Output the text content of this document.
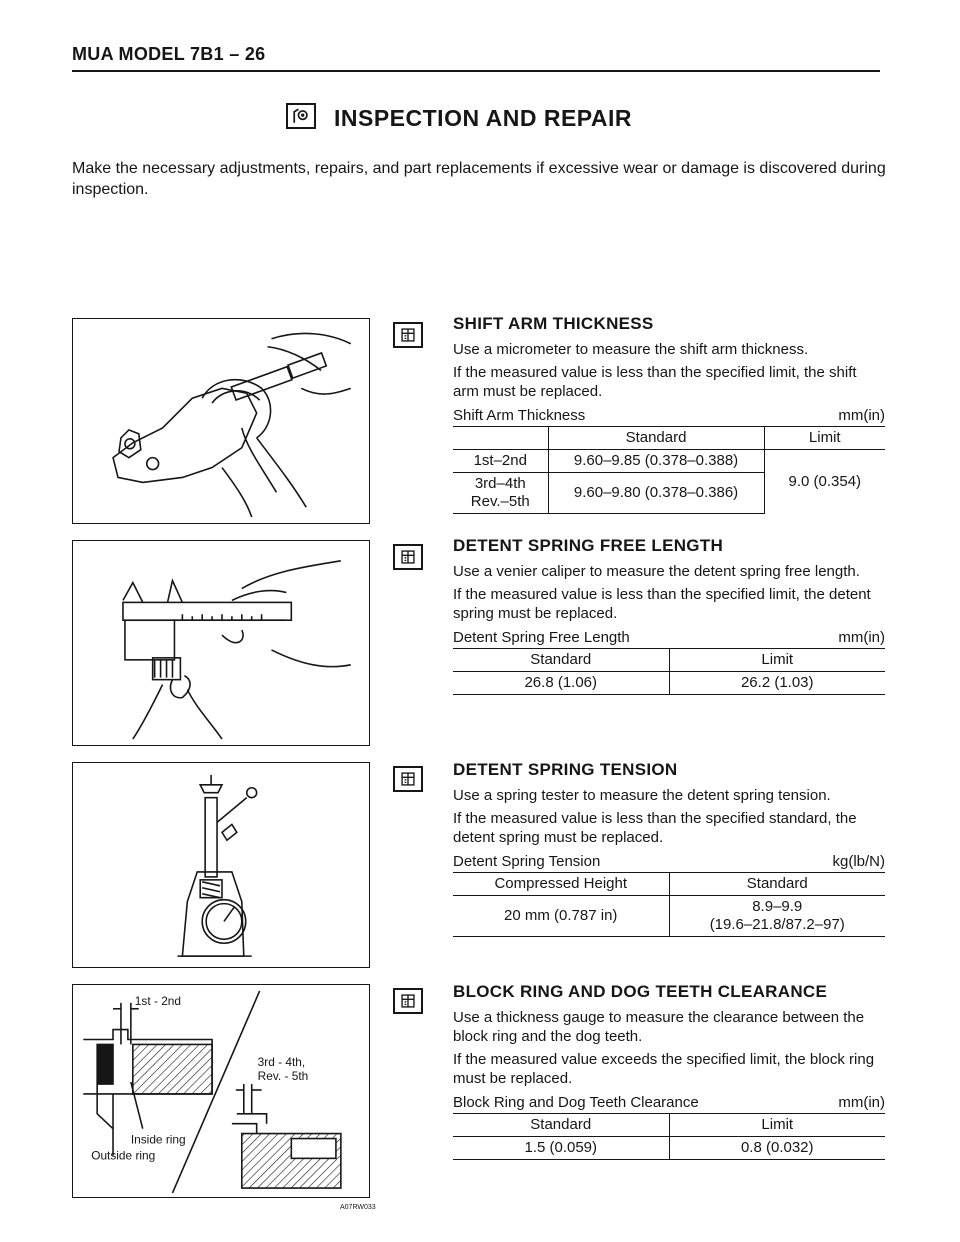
MUA MODEL 7B1 – 26
INSPECTION AND REPAIR
Make the necessary adjustments, repairs, and part replacements if excessive wear or damage is discovered during inspection.
1st - 2nd
3rd - 4th,
Rev. - 5th
Inside ring
Outside ring
A07RW033
SHIFT ARM THICKNESS

Use a micrometer to measure the shift arm thickness.

If the measured value is less than the specified limit, the shift arm must be replaced.

Shift Arm Thickness	mm(in)
	Standard	Limit
1st–2nd	9.60–9.85 (0.378–0.388)	9.0 (0.354)

3rd–4th
Rev.–5th	9.60–9.80 (0.378–0.386)	
DETENT SPRING FREE LENGTH

Use a venier caliper to measure the detent spring free length.

If the measured value is less than the specified limit, the detent spring must be replaced.

Detent Spring Free Length	mm(in)
Standard	Limit
26.8 (1.06)	26.2 (1.03)
DETENT SPRING TENSION

Use a spring tester to measure the detent spring tension.

If the measured value is less than the specified standard, the detent spring must be replaced.

Detent Spring Tension	kg(lb/N)
Compressed Height	Standard
20 mm (0.787 in)	8.9–9.9
(19.6–21.8/87.2–97)
BLOCK RING AND DOG TEETH CLEARANCE

Use a thickness gauge to measure the clearance between the block ring and the dog teeth.

If the measured value exceeds the specified limit, the block ring must be replaced.

Block Ring and Dog Teeth Clearance	mm(in)
Standard	Limit
1.5 (0.059)	0.8 (0.032)
